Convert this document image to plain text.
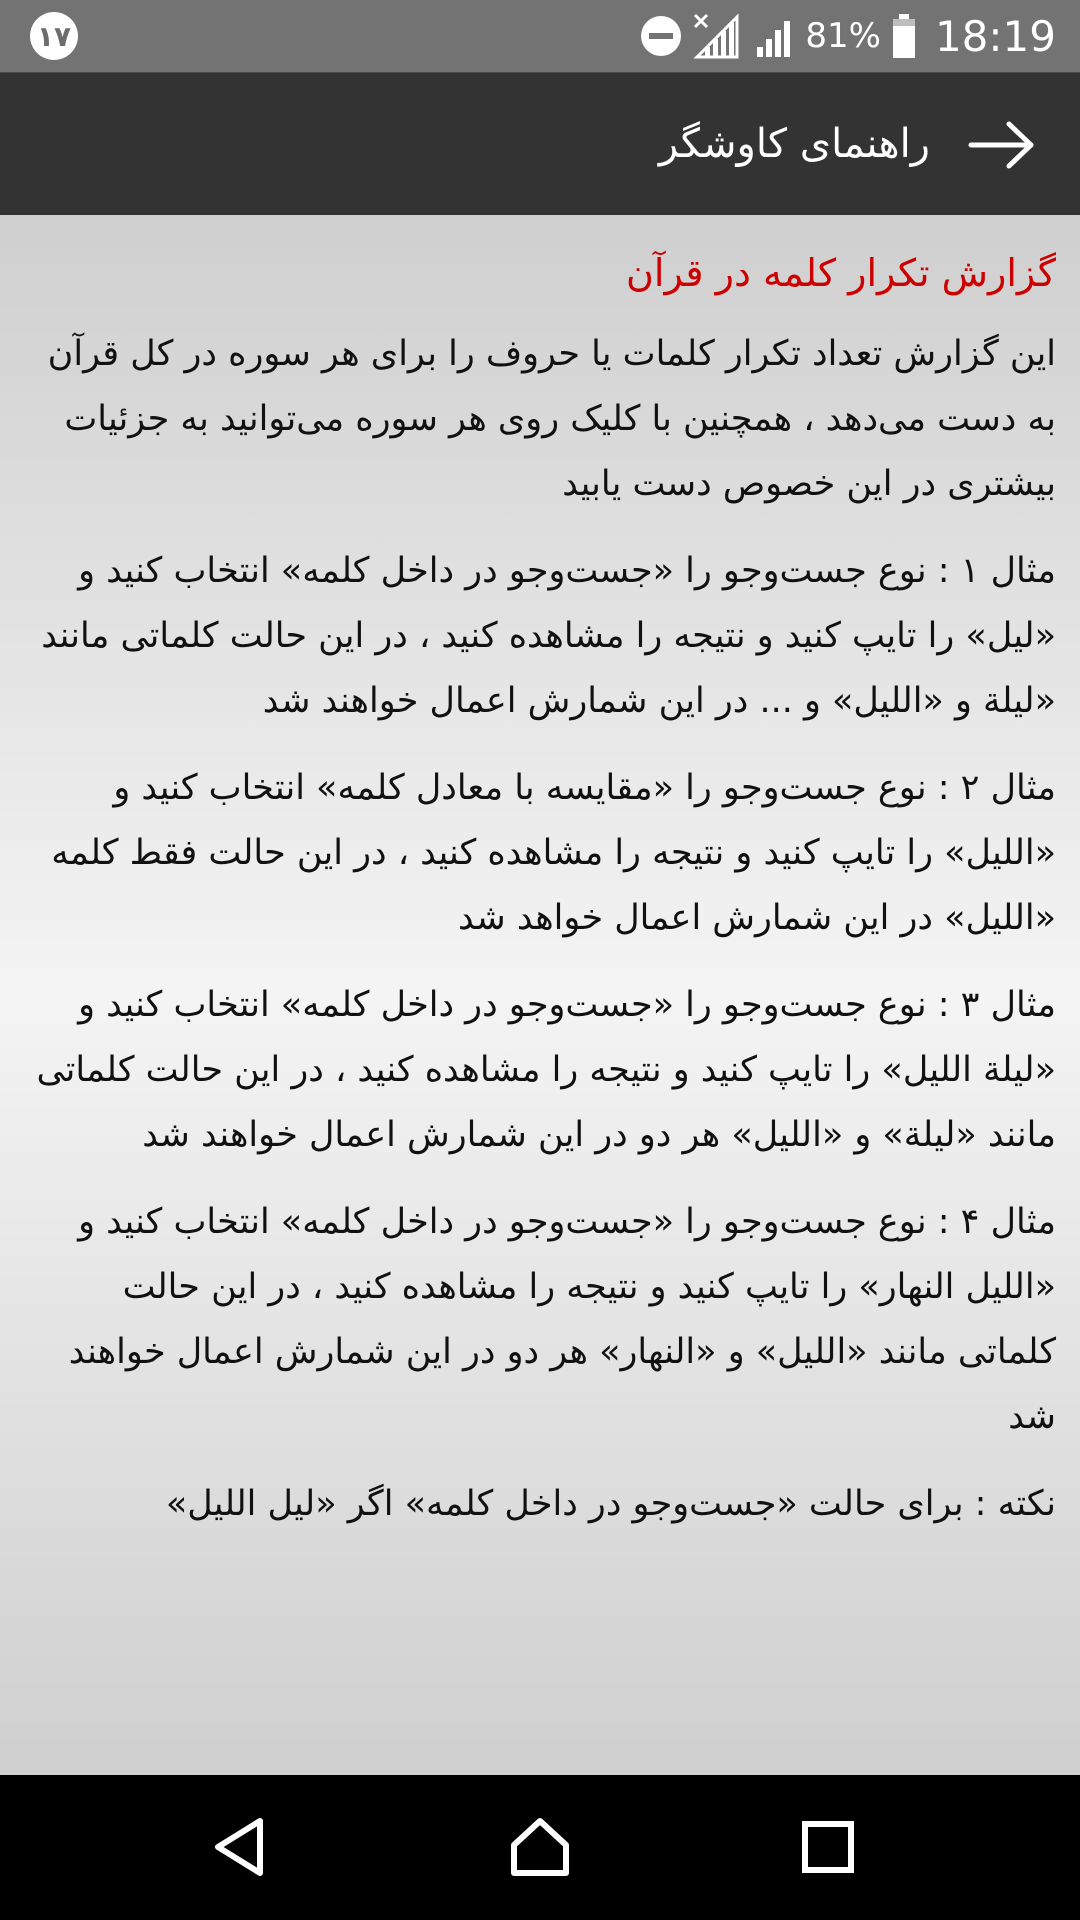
۱۷	81% 18:19
راهنمای کاوشگر
گزارش تکرار کلمه در قرآن

این گزارش تعداد تکرار کلمات یا حروف را برای هر سوره در کل قرآن به دست می‌دهد ، همچنین با کلیک روی هر سوره می‌توانید به جزئیات بیشتری در این خصوص دست یابید

مثال ۱ : نوع جست‌وجو را «جست‌وجو در داخل کلمه» انتخاب کنید و «لیل» را تایپ کنید و نتیجه را مشاهده کنید ، در این حالت کلماتی مانند «لیلة و «اللیل» و ... در این شمارش اعمال خواهند شد

مثال ۲ : نوع جست‌وجو را «مقایسه با معادل کلمه» انتخاب کنید و «اللیل» را تایپ کنید و نتیجه را مشاهده کنید ، در این حالت فقط کلمه «اللیل» در این شمارش اعمال خواهد شد

مثال ۳ : نوع جست‌وجو را «جست‌وجو در داخل کلمه» انتخاب کنید و «لیلة اللیل» را تایپ کنید و نتیجه را مشاهده کنید ، در این حالت کلماتی مانند «لیلة» و «اللیل» هر دو در این شمارش اعمال خواهند شد

مثال ۴ : نوع جست‌وجو را «جست‌وجو در داخل کلمه» انتخاب کنید و «اللیل النهار» را تایپ کنید و نتیجه را مشاهده کنید ، در این حالت کلماتی مانند «اللیل» و «النهار» هر دو در این شمارش اعمال خواهند شد

نکته : برای حالت «جست‌وجو در داخل کلمه» اگر «لیل اللیل»
